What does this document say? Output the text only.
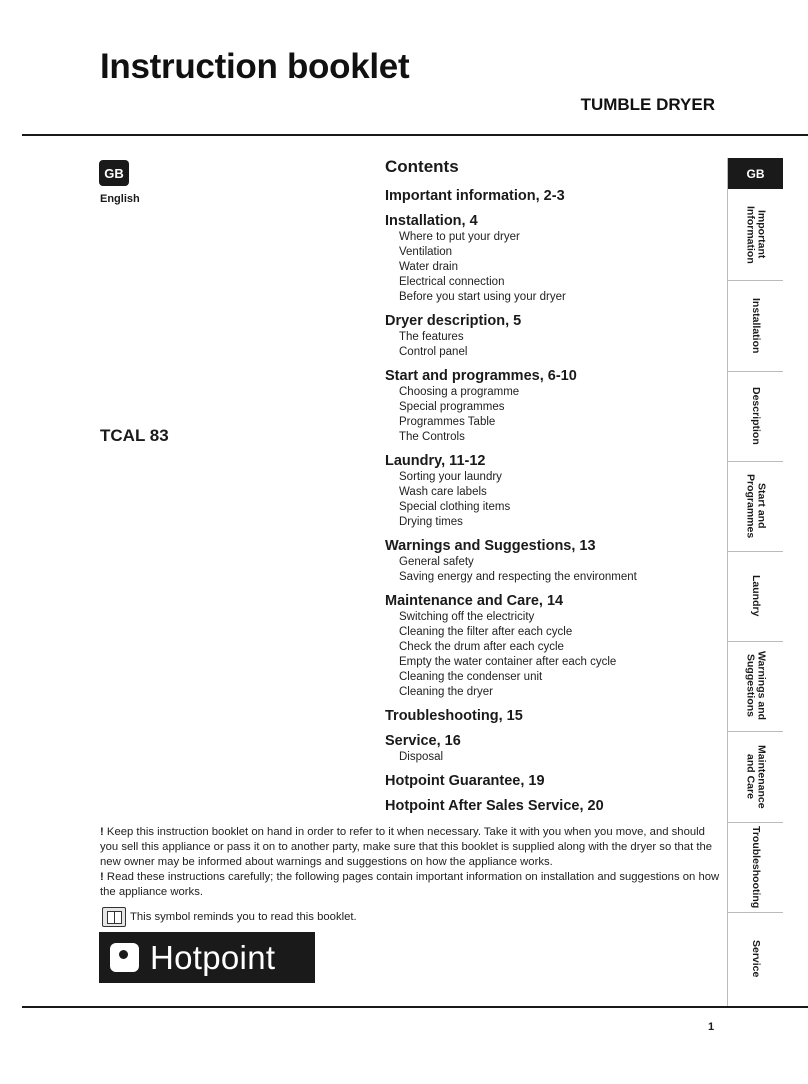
Instruction booklet
TUMBLE DRYER
GB
English
TCAL 83
Contents
Important information, 2-3
Installation, 4
Where to put your dryer
Ventilation
Water drain
Electrical connection
Before you start using your dryer
Dryer description, 5
The features
Control panel
Start and programmes, 6-10
Choosing a programme
Special programmes
Programmes Table
The Controls
Laundry, 11-12
Sorting your laundry
Wash care labels
Special clothing items
Drying times
Warnings and Suggestions, 13
General safety
Saving energy and respecting the environment
Maintenance and Care, 14
Switching off the electricity
Cleaning the filter after each cycle
Check the drum after each cycle
Empty the water container after each cycle
Cleaning the condenser unit
Cleaning the dryer
Troubleshooting, 15
Service, 16
Disposal
Hotpoint Guarantee, 19
Hotpoint After Sales Service, 20
GB
Important
Information
Installation
Description
Start and
Programmes
Laundry
Warnings and
Suggestions
Maintenance
and Care
Troubleshooting
Service

! Keep this instruction booklet on hand in order to refer to it when necessary. Take it with you when you move, and should you sell this appliance or pass it on to another party, make sure that this booklet is supplied along with the dryer so that the new owner may be informed about warnings and suggestions on how the appliance works.

! Read these instructions carefully; the following pages contain important information on installation and suggestions on how the appliance works.

This symbol reminds you to read this booklet.
Hotpoint
1
